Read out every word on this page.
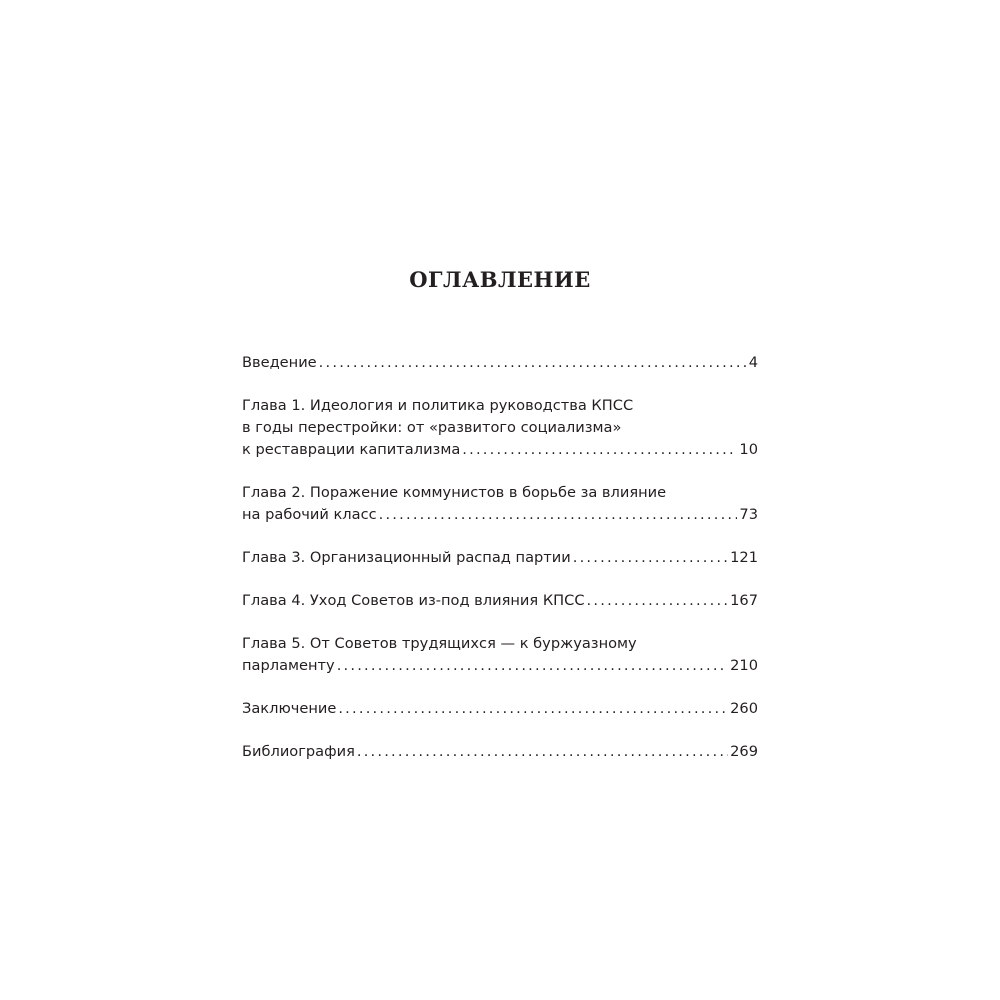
ОГЛАВЛЕНИЕ
Введение .....	4
Глава 1. Идеология и политика руководства КПСС
в годы перестройки: от «развитого социализма»
к реставрации капитализма .....	10
Глава 2. Поражение коммунистов в борьбе за влияние
на рабочий класс .....	73
Глава 3. Организационный распад партии .....	121
Глава 4. Уход Советов из-под влияния КПСС .....	167
Глава 5. От Советов трудящихся — к буржуазному
парламенту .....	210
Заключение .....	260
Библиография .....	269
